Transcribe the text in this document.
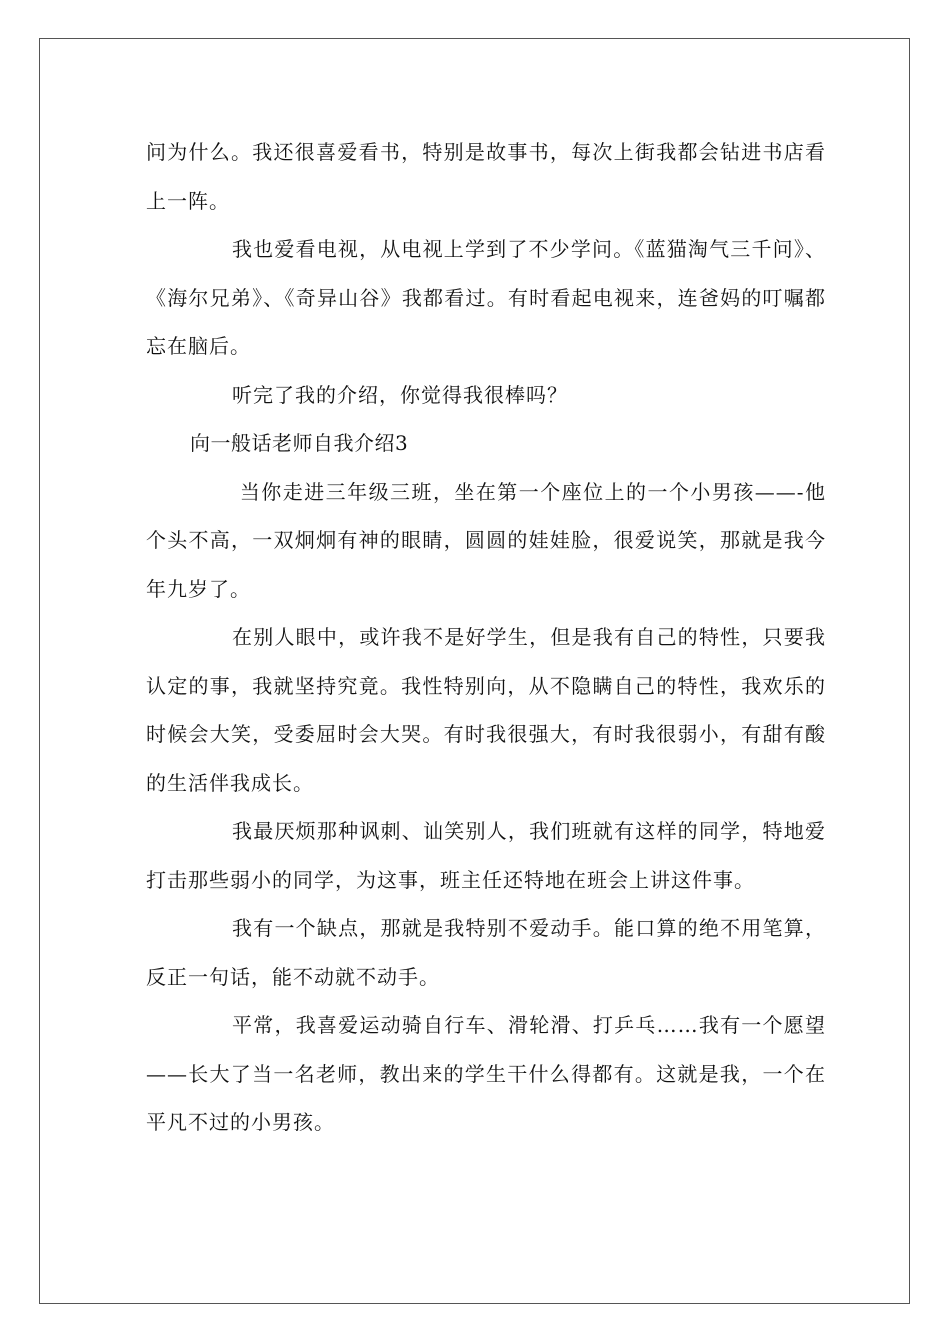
问为什么。我还很喜爱看书，特别是故事书，每次上街我都会钻进书店看上一阵。

我也爱看电视，从电视上学到了不少学问。《蓝猫淘气三千问》、《海尔兄弟》、《奇异山谷》我都看过。有时看起电视来，连爸妈的叮嘱都忘在脑后。

听完了我的介绍，你觉得我很棒吗？

向一般话老师自我介绍3

当你走进三年级三班，坐在第一个座位上的一个小男孩——-他个头不高，一双炯炯有神的眼睛，圆圆的娃娃脸，很爱说笑，那就是我今年九岁了。

在别人眼中，或许我不是好学生，但是我有自己的特性，只要我认定的事，我就坚持究竟。我性特别向，从不隐瞒自己的特性，我欢乐的时候会大笑，受委屈时会大哭。有时我很强大，有时我很弱小，有甜有酸的生活伴我成长。

我最厌烦那种讽刺、讪笑别人，我们班就有这样的同学，特地爱打击那些弱小的同学，为这事，班主任还特地在班会上讲这件事。

我有一个缺点，那就是我特别不爱动手。能口算的绝不用笔算，反正一句话，能不动就不动手。

平常，我喜爱运动骑自行车、滑轮滑、打乒乓……我有一个愿望——长大了当一名老师，教出来的学生干什么得都有。这就是我，一个在平凡不过的小男孩。
